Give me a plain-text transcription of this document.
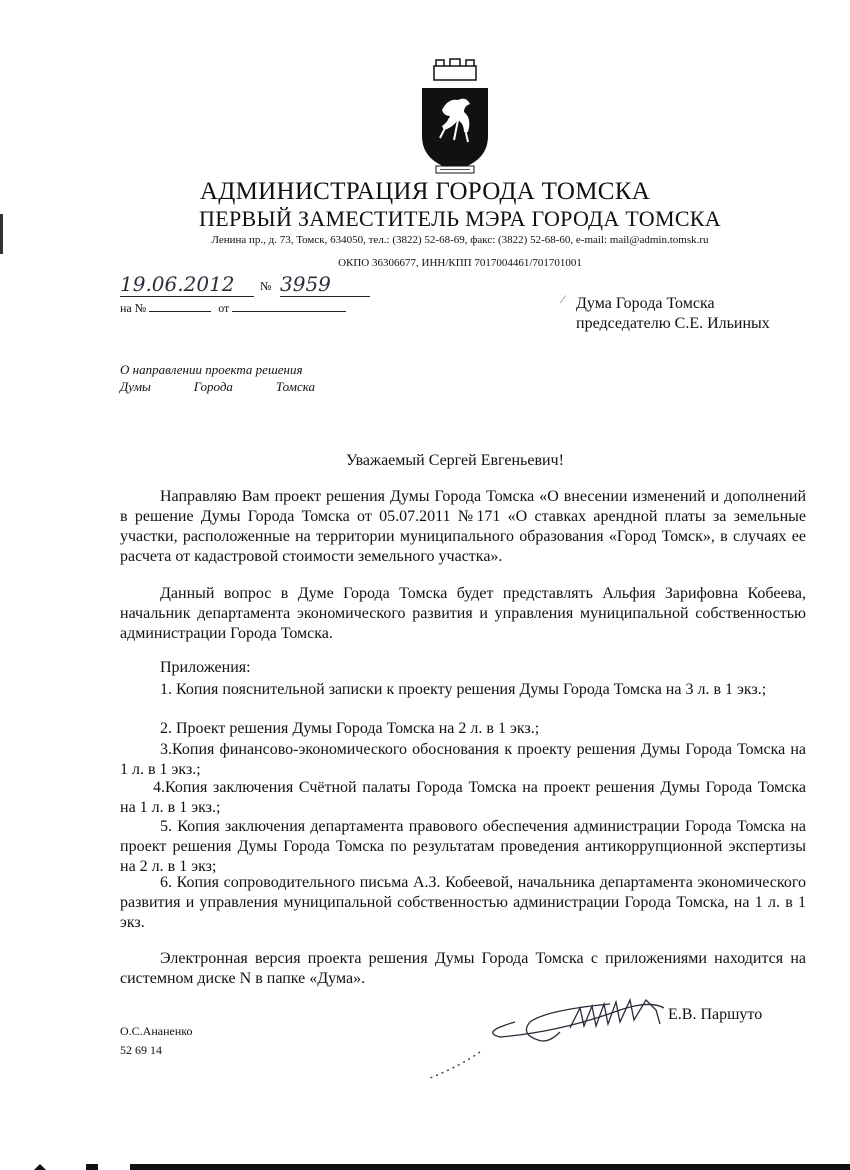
АДМИНИСТРАЦИЯ ГОРОДА ТОМСКА
ПЕРВЫЙ ЗАМЕСТИТЕЛЬ МЭРА ГОРОДА ТОМСКА
Ленина пр., д. 73, Томск, 634050, тел.: (3822) 52-68-69, факс: (3822) 52-68-60, e-mail: mail@admin.tomsk.ru
ОКПО 36306677, ИНН/КПП 7017004461/701701001
19.06.2012	№ 3959
на №	от
⁄ Дума Города Томска
председателю С.Е. Ильиных
О направлении проекта решения
Думы	Города	Томска
Уважаемый Сергей Евгеньевич!
Направляю Вам проект решения Думы Города Томска «О внесении изменений и дополнений в решение Думы Города Томска от 05.07.2011 №171 «О ставках арендной платы за земельные участки, расположенные на территории муниципального образования «Город Томск», в случаях ее расчета от кадастровой стоимости земельного участка».
Данный вопрос в Думе Города Томска будет представлять Альфия Зарифовна Кобеева, начальник департамента экономического развития и управления муниципальной собственностью администрации Города Томска.
Приложения:
1. Копия пояснительной записки к проекту решения Думы Города Томска на 3 л. в 1 экз.;
2. Проект решения Думы Города Томска на 2 л. в 1 экз.;
3.Копия финансово-экономического обоснования к проекту решения Думы Города Томска на 1 л. в 1 экз.;
4.Копия заключения Счётной палаты Города Томска на проект решения Думы Города Томска на 1 л. в 1 экз.;
5. Копия заключения департамента правового обеспечения администрации Города Томска на проект решения Думы Города Томска по результатам проведения антикоррупционной экспертизы на 2 л. в 1 экз;
6. Копия сопроводительного письма А.З. Кобеевой, начальника департамента экономического развития и управления муниципальной собственностью администрации Города Томска, на 1 л. в 1 экз.
Электронная версия проекта решения Думы Города Томска с приложениями находится на системном диске N в папке «Дума».
Е.В. Паршуто
О.С.Ананенко
52 69 14
